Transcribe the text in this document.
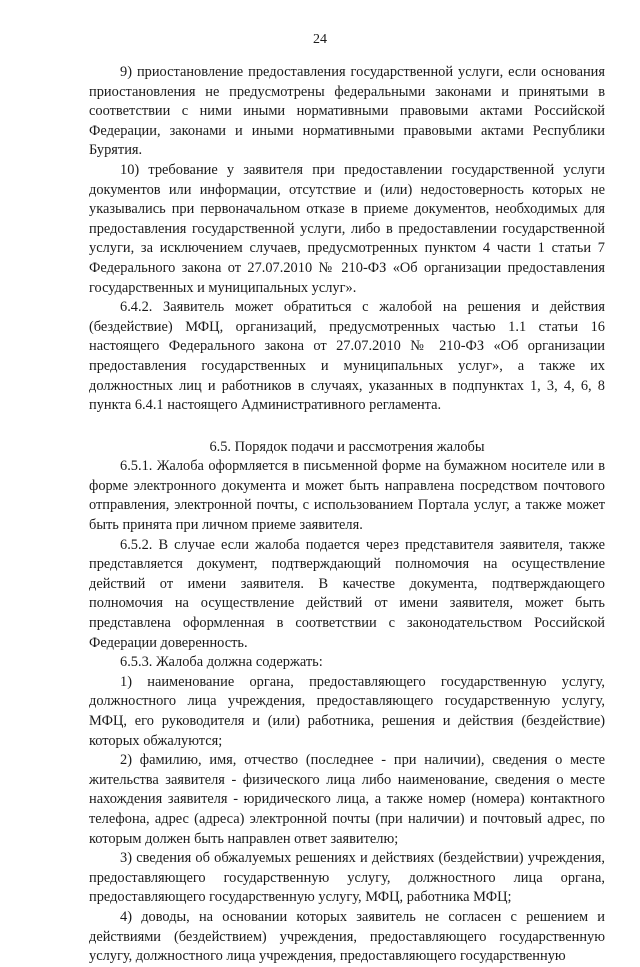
24

9) приостановление предоставления государственной услуги, если основания приостановления не предусмотрены федеральными законами и принятыми в соответствии с ними иными нормативными правовыми актами Российской Федерации, законами и иными нормативными правовыми актами Республики Бурятия.

10) требование у заявителя при предоставлении государственной услуги документов или информации, отсутствие и (или) недостоверность которых не указывались при первоначальном отказе в приеме документов, необходимых для предоставления государственной услуги, либо в предоставлении государственной услуги, за исключением случаев, предусмотренных пунктом 4 части 1 статьи 7 Федерального закона от 27.07.2010 № 210-ФЗ «Об организации предоставления государственных и муниципальных услуг».

6.4.2. Заявитель может обратиться с жалобой на решения и действия (бездействие) МФЦ, организаций, предусмотренных частью 1.1 статьи 16 настоящего Федерального закона от 27.07.2010 № 210-ФЗ «Об организации предоставления государственных и муниципальных услуг», а также их должностных лиц и работников в случаях, указанных в подпунктах 1, 3, 4, 6, 8 пункта 6.4.1 настоящего Административного регламента.

6.5. Порядок подачи и рассмотрения жалобы

6.5.1. Жалоба оформляется в письменной форме на бумажном носителе или в форме электронного документа и может быть направлена посредством почтового отправления, электронной почты, с использованием Портала услуг, а также может быть принята при личном приеме заявителя.

6.5.2. В случае если жалоба подается через представителя заявителя, также представляется документ, подтверждающий полномочия на осуществление действий от имени заявителя. В качестве документа, подтверждающего полномочия на осуществление действий от имени заявителя, может быть представлена оформленная в соответствии с законодательством Российской Федерации доверенность.

6.5.3. Жалоба должна содержать:

1) наименование органа, предоставляющего государственную услугу, должностного лица учреждения, предоставляющего государственную услугу, МФЦ, его руководителя и (или) работника, решения и действия (бездействие) которых обжалуются;

2) фамилию, имя, отчество (последнее - при наличии), сведения о месте жительства заявителя - физического лица либо наименование, сведения о месте нахождения заявителя - юридического лица, а также номер (номера) контактного телефона, адрес (адреса) электронной почты (при наличии) и почтовый адрес, по которым должен быть направлен ответ заявителю;

3) сведения об обжалуемых решениях и действиях (бездействии) учреждения, предоставляющего государственную услугу, должностного лица органа, предоставляющего государственную услугу, МФЦ, работника МФЦ;

4) доводы, на основании которых заявитель не согласен с решением и действиями (бездействием) учреждения, предоставляющего государственную услугу, должностного лица учреждения, предоставляющего государственную
